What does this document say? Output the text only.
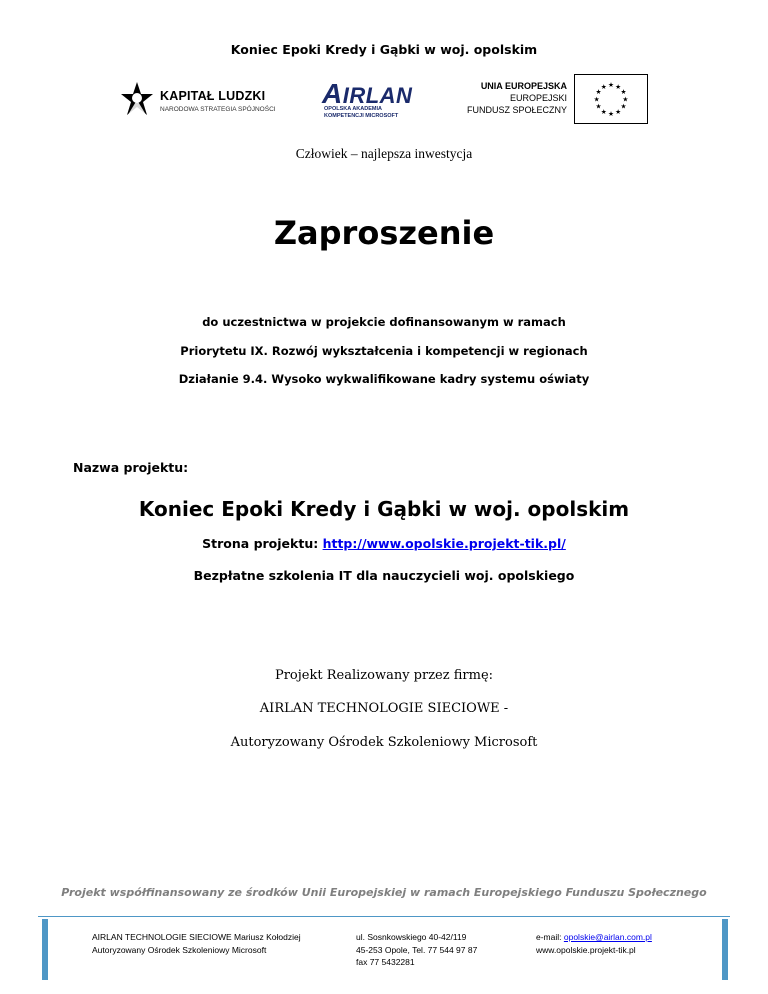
Koniec Epoki Kredy i Gąbki w woj. opolskim
KAPITAŁ LUDZKI
NARODOWA STRATEGIA SPÓJNOŚCI
AIRLAN
OPOLSKA AKADEMIA
KOMPETENCJI MICROSOFT
UNIA EUROPEJSKA
EUROPEJSKI
FUNDUSZ SPOŁECZNY
★ ★
★
★
★
★
★
★
★
★
★
★
Człowiek – najlepsza inwestycja
Zaproszenie
do uczestnictwa w projekcie dofinansowanym w ramach
Priorytetu IX. Rozwój wykształcenia i kompetencji w regionach
Działanie 9.4. Wysoko wykwalifikowane kadry systemu oświaty
Nazwa projektu:
Koniec Epoki Kredy i Gąbki w woj. opolskim
Strona projektu: http://www.opolskie.projekt-tik.pl/
Bezpłatne szkolenia IT dla nauczycieli woj. opolskiego
Projekt Realizowany przez firmę:
AIRLAN TECHNOLOGIE SIECIOWE -
Autoryzowany Ośrodek Szkoleniowy Microsoft
Projekt współfinansowany ze środków Unii Europejskiej w ramach Europejskiego Funduszu Społecznego
AIRLAN TECHNOLOGIE SIECIOWE Mariusz Kołodziej
Autoryzowany Ośrodek Szkoleniowy Microsoft
ul. Sosnkowskiego 40-42/119
45-253 Opole, Tel. 77 544 97 87
fax 77 5432281
e-mail: opolskie@airlan.com.pl
www.opolskie.projekt-tik.pl
